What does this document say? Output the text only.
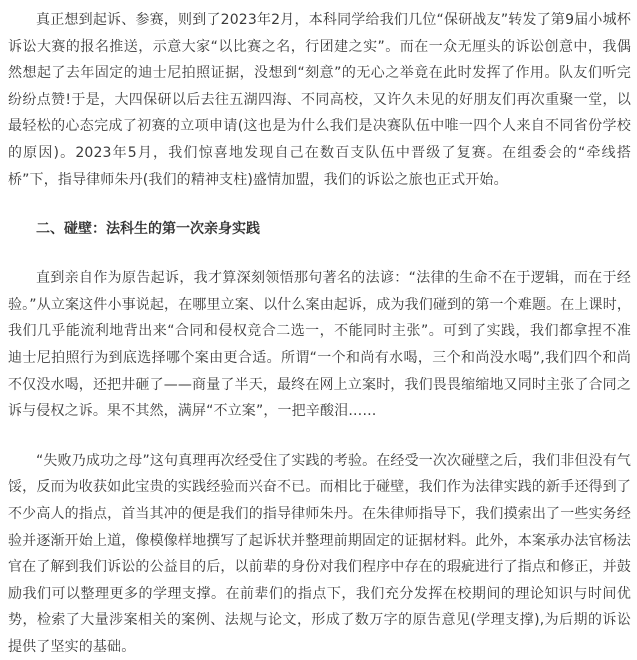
真正想到起诉、参赛，则到了2023年2月，本科同学给我们几位“保研战友”转发了第9届小城杯诉讼大赛的报名推送，示意大家“以比赛之名，行团建之实”。而在一众无厘头的诉讼创意中，我偶然想起了去年固定的迪士尼拍照证据，没想到“刻意”的无心之举竟在此时发挥了作用。队友们听完纷纷点赞!于是，大四保研以后去往五湖四海、不同高校，又许久未见的好朋友们再次重聚一堂，以最轻松的心态完成了初赛的立项申请(这也是为什么我们是决赛队伍中唯一四个人来自不同省份学校的原因)。2023年5月，我们惊喜地发现自己在数百支队伍中晋级了复赛。在组委会的“牵线搭桥”下，指导律师朱丹(我们的精神支柱)盛情加盟，我们的诉讼之旅也正式开始。

二、碰壁：法科生的第一次亲身实践

直到亲自作为原告起诉，我才算深刻领悟那句著名的法谚：“法律的生命不在于逻辑，而在于经验。”从立案这件小事说起，在哪里立案、以什么案由起诉，成为我们碰到的第一个难题。在上课时，我们几乎能流利地背出来“合同和侵权竞合二选一，不能同时主张”。可到了实践，我们都拿捏不准迪士尼拍照行为到底选择哪个案由更合适。所谓“一个和尚有水喝，三个和尚没水喝”,我们四个和尚不仅没水喝，还把井砸了——商量了半天，最终在网上立案时，我们畏畏缩缩地又同时主张了合同之诉与侵权之诉。果不其然，满屏“不立案”，一把辛酸泪……

“失败乃成功之母”这句真理再次经受住了实践的考验。在经受一次次碰壁之后，我们非但没有气馁，反而为收获如此宝贵的实践经验而兴奋不已。而相比于碰壁，我们作为法律实践的新手还得到了不少高人的指点，首当其冲的便是我们的指导律师朱丹。在朱律师指导下，我们摸索出了一些实务经验并逐渐开始上道，像模像样地撰写了起诉状并整理前期固定的证据材料。此外，本案承办法官杨法官在了解到我们诉讼的公益目的后，以前辈的身份对我们程序中存在的瑕疵进行了指点和修正，并鼓励我们可以整理更多的学理支撑。在前辈们的指点下，我们充分发挥在校期间的理论知识与时间优势，检索了大量涉案相关的案例、法规与论文，形成了数万字的原告意见(学理支撑),为后期的诉讼提供了坚实的基础。
